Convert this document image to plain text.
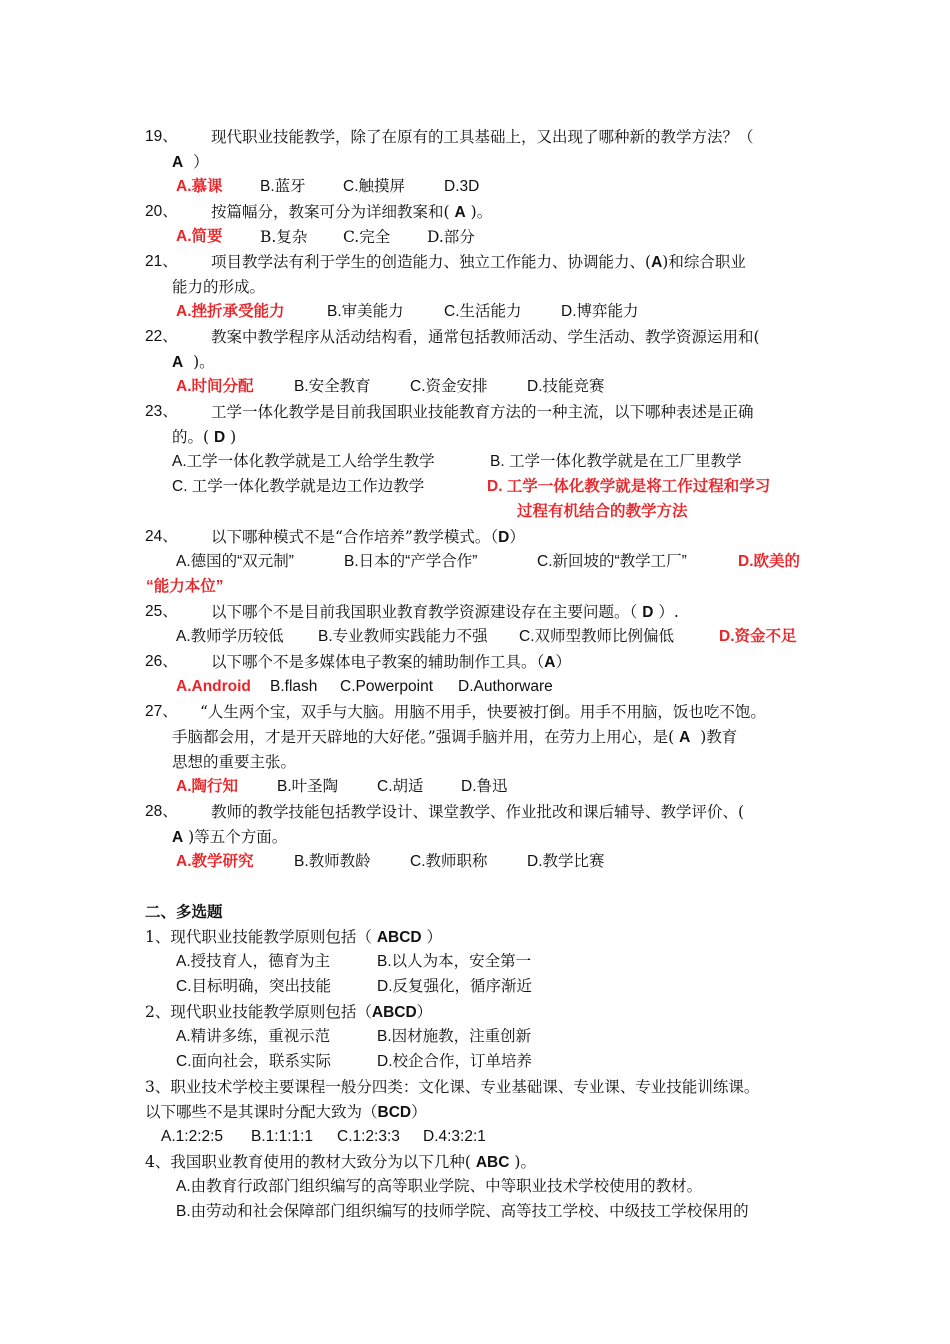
19、 现代职业技能教学，除了在原有的工具基础上，又出现了哪种新的教学方法？（
A ）
A.慕课 B.蓝牙 C.触摸屏	D.3D
20、 按篇幅分，教案可分为详细教案和( A )。
A.简要 B.复杂 C.完全 D.部分
21、 项目教学法有利于学生的创造能力、独立工作能力、协调能力、(A)和综合职业
能力的形成。
A.挫折承受能力	B.审美能力	C.生活能力	D.博弈能力
22、 教案中教学程序从活动结构看，通常包括教师活动、学生活动、教学资源运用和(
A )。
A.时间分配	B.安全教育	C.资金安排	D.技能竞赛
23、 工学一体化教学是目前我国职业技能教育方法的一种主流，以下哪种表述是正确
的。( D )
A.工学一体化教学就是工人给学生教学	B. 工学一体化教学就是在工厂里教学
C. 工学一体化教学就是边工作边教学	D. 工学一体化教学就是将工作过程和学习
过程有机结合的教学方法
24、 以下哪种模式不是“合作培养”教学模式。（D）
A.德国的“双元制”	B.日本的“产学合作”	C.新回坡的“教学工厂”	D.欧美的
“能力本位”
25、 以下哪个不是目前我国职业教育教学资源建设存在主要问题。（ D ）.
A.教师学历较低 B.专业教师实践能力不强 C.双师型教师比例偏低	D.资金不足
26、 以下哪个不是多媒体电子教案的辅助制作工具。（A）
A.Android B.flash C.Powerpoint D.Authorware
27、 “人生两个宝，双手与大脑。用脑不用手，快要被打倒。用手不用脑，饭也吃不饱。
手脑都会用，才是开天辟地的大好佬。”强调手脑并用，在劳力上用心，是( A )教育
思想的重要主张。
A.陶行知	B.叶圣陶	C.胡适 D.鲁迅
28、 教师的教学技能包括教学设计、课堂教学、作业批改和课后辅导、教学评价、(
A )等五个方面。
A.教学研究	B.教师教龄	C.教师职称	D.教学比赛
二、多选题
1、现代职业技能教学原则包括（ ABCD ）
A.授技育人，德育为主	B.以人为本，安全第一
C.目标明确，突出技能	D.反复强化，循序渐近
2、现代职业技能教学原则包括（ABCD）
A.精讲多练，重视示范	B.因材施教，注重创新
C.面向社会，联系实际	D.校企合作，订单培养
3、职业技术学校主要课程一般分四类：文化课、专业基础课、专业课、专业技能训练课。
以下哪些不是其课时分配大致为（BCD）
A.1:2:2:5 B.1:1:1:1 C.1:2:3:3 D.4:3:2:1
4、我国职业教育使用的教材大致分为以下几种( ABC )。
A.由教育行政部门组织编写的高等职业学院、中等职业技术学校使用的教材。
B.由劳动和社会保障部门组织编写的技师学院、高等技工学校、中级技工学校保用的
